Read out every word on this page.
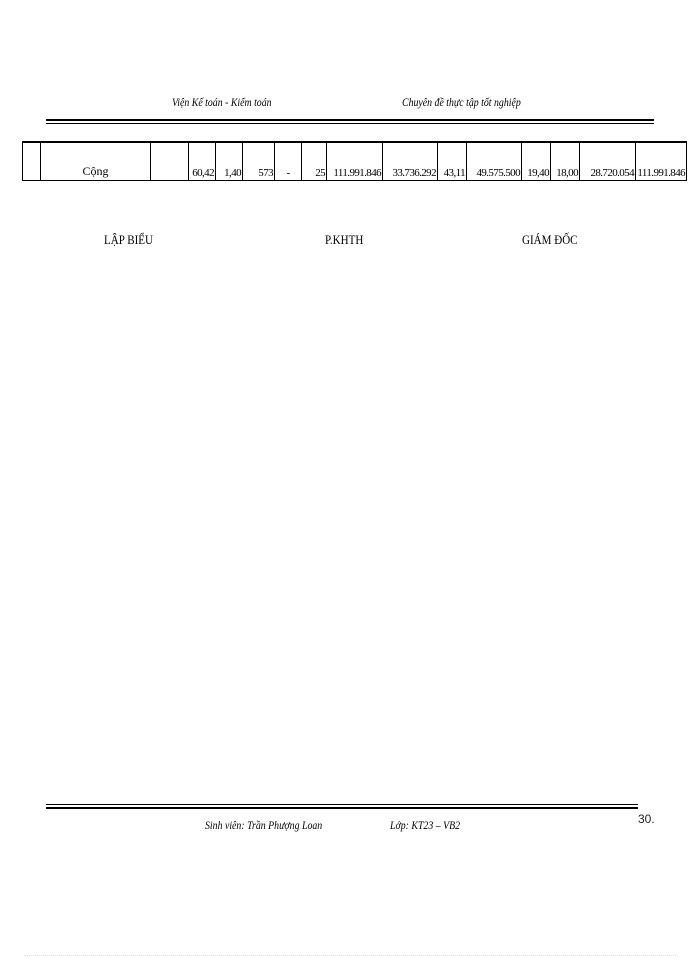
Viện Kế toán - Kiểm toán	Chuyên đề thực tập tốt nghiệp
	Cộng		60,42	1,40	573	-	25	111.991.846	33.736.292	43,11	49.575.500	19,40	18,00	28.720.054	111.991.846
LẬP BIỂU	P.KHTH	GIÁM ĐỐC
Sinh viên: Trần Phượng Loan	Lớp: KT23 – VB2	30.
